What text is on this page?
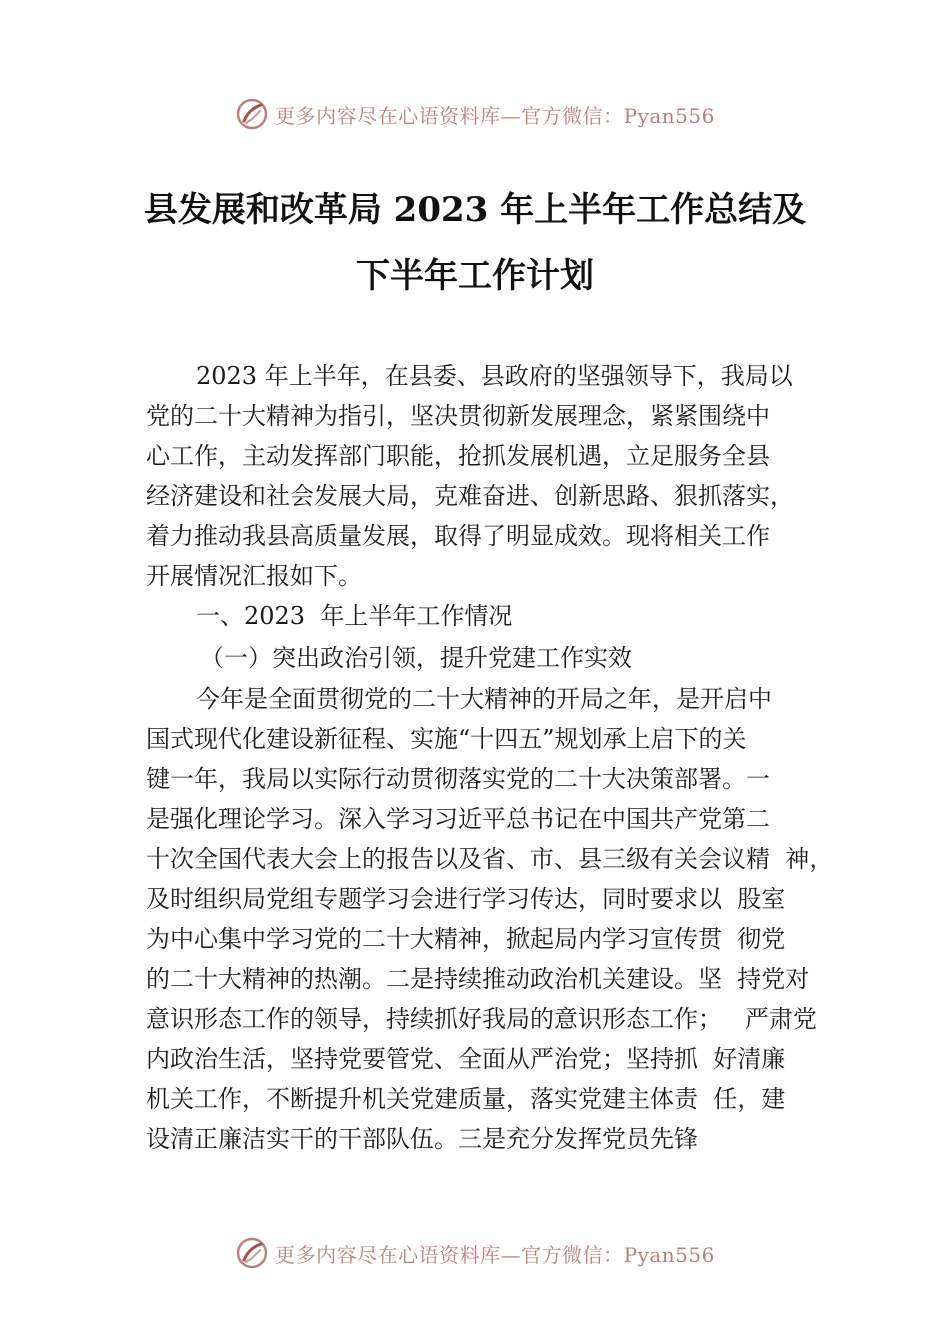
更多内容尽在心语资料库—官方微信：Pyan556
县发展和改革局 2023 年上半年工作总结及
下半年工作计划
2023 年上半年，在县委、县政府的坚强领导下，我局以
党的二十大精神为指引，坚决贯彻新发展理念，紧紧围绕中
心工作，主动发挥部门职能，抢抓发展机遇，立足服务全县
经济建设和社会发展大局，克难奋进、创新思路、狠抓落实，
着力推动我县高质量发展，取得了明显成效。现将相关工作
开展情况汇报如下。
一、2023  年上半年工作情况
（一）突出政治引领，提升党建工作实效
今年是全面贯彻党的二十大精神的开局之年，是开启中
国式现代化建设新征程、实施“十四五”规划承上启下的关
键一年，我局以实际行动贯彻落实党的二十大决策部署。一
是强化理论学习。深入学习习近平总书记在中国共产党第二
十次全国代表大会上的报告以及省、市、县三级有关会议精  神，
及时组织局党组专题学习会进行学习传达，同时要求以  股室
为中心集中学习党的二十大精神，掀起局内学习宣传贯  彻党
的二十大精神的热潮。二是持续推动政治机关建设。坚  持党对
意识形态工作的领导，持续抓好我局的意识形态工作；   严肃党
内政治生活，坚持党要管党、全面从严治党；坚持抓  好清廉
机关工作，不断提升机关党建质量，落实党建主体责  任，建
设清正廉洁实干的干部队伍。三是充分发挥党员先锋
更多内容尽在心语资料库—官方微信：Pyan556
